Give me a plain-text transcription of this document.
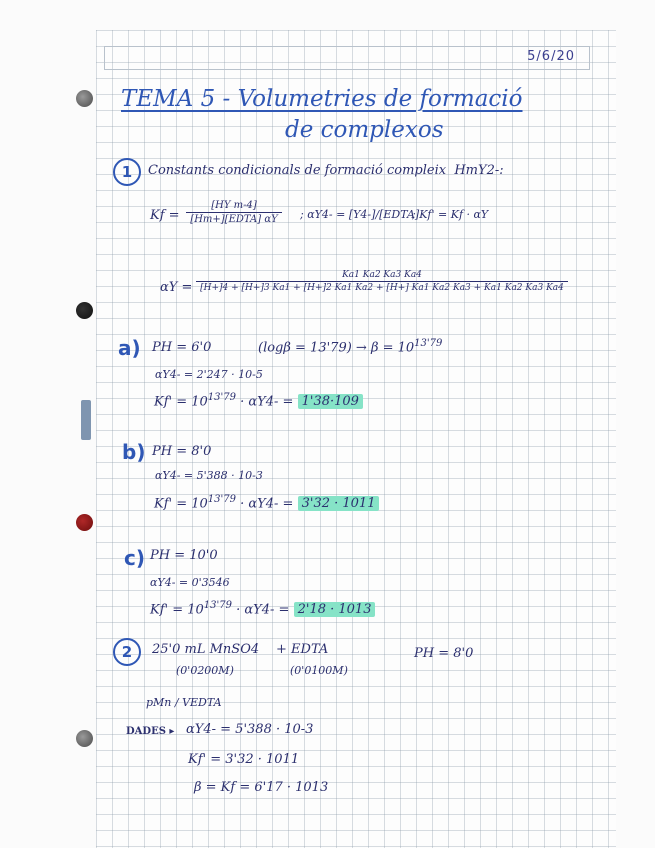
5/6/20
TEMA 5 - Volumetries de formació
de complexos
1	Constants condicionals de formació compleix HmY2-:
Kf =
[HY m-4]
[Hm+][EDTA] αY	; αY4- = [Y4-]/[EDTA]
; Kf' = Kf · αY
αY =
Ka1 Ka2 Ka3 Ka4
[H+]4 + [H+]3 Ka1 + [H+]2 Ka1 Ka2 + [H+] Ka1 Ka2 Ka3 + Ka1 Ka2 Ka3 Ka4
a) PH = 6'0	$(\log\beta = 13'79) \to \beta = 10^{13'79}$
αY4- = 2'247 · 10-5
$Kf' = 10^{13'79} \cdot \alpha Y4- = 1'38\cdot 109$
b) PH = 8'0
αY4- = 5'388 · 10-3
$Kf' = 10^{13'79} \cdot \alpha Y4- = 3'32 \cdot 1011$
c) PH = 10'0
αY4- = 0'3546
$Kf' = 10^{13'79} \cdot \alpha Y4- = 2'18 \cdot 1013$
2	25'0 mL MnSO4 + EDTA	PH = 8'0
(0'0200M)	(0'0100M)
pMn / VEDTA
DADES ▸ αY4- = 5'388 · 10-3
Kf' = 3'32 · 1011
β = Kf = 6'17 · 1013
